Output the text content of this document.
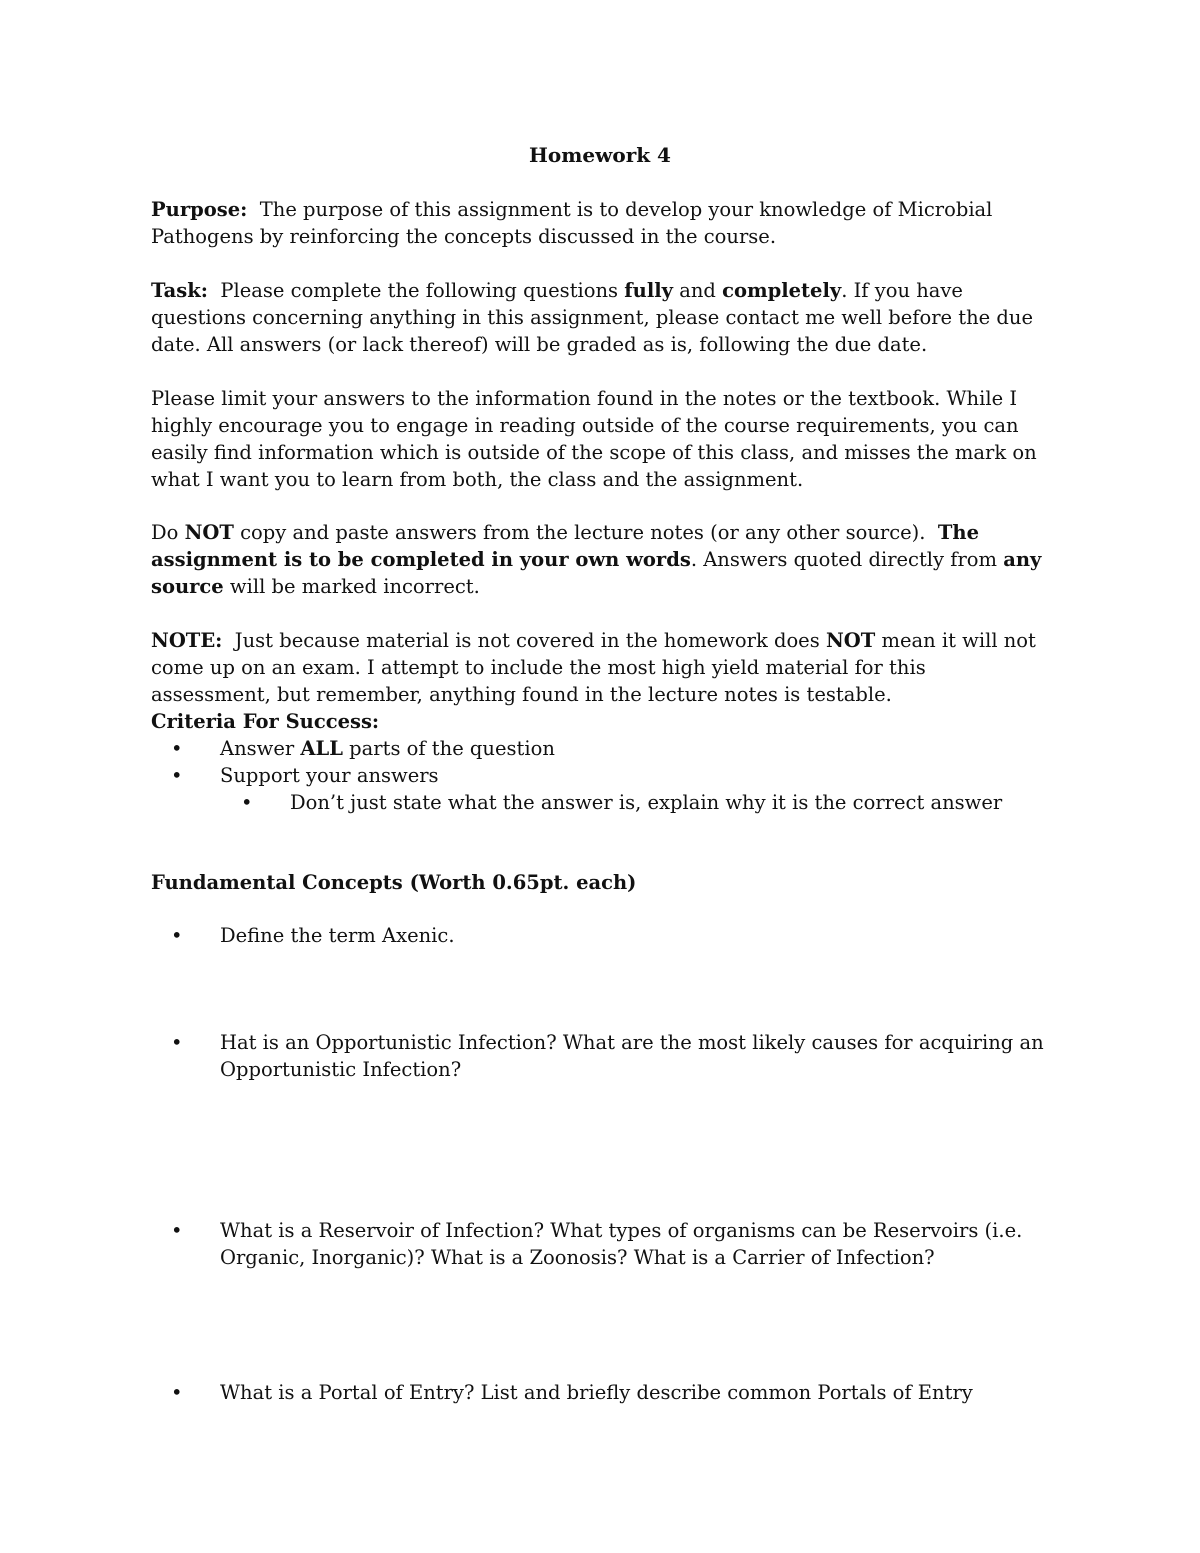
Homework 4

Purpose: The purpose of this assignment is to develop your knowledge of Microbial Pathogens by reinforcing the concepts discussed in the course.

Task: Please complete the following questions fully and completely. If you have questions concerning anything in this assignment, please contact me well before the due date. All answers (or lack thereof) will be graded as is, following the due date.

Please limit your answers to the information found in the notes or the textbook. While I highly encourage you to engage in reading outside of the course requirements, you can easily find information which is outside of the scope of this class, and misses the mark on what I want you to learn from both, the class and the assignment.

Do NOT copy and paste answers from the lecture notes (or any other source). The assignment is to be completed in your own words. Answers quoted directly from any source will be marked incorrect.

NOTE: Just because material is not covered in the homework does NOT mean it will not come up on an exam. I attempt to include the most high yield material for this assessment, but remember, anything found in the lecture notes is testable.

Criteria For Success:

• Answer ALL parts of the question
• Support your answers
• Don’t just state what the answer is, explain why it is the correct answer

Fundamental Concepts (Worth 0.65pt. each)

•	Define the term Axenic.
•	Hat is an Opportunistic Infection? What are the most likely causes for acquiring an Opportunistic Infection?
•	What is a Reservoir of Infection? What types of organisms can be Reservoirs (i.e. Organic, Inorganic)? What is a Zoonosis? What is a Carrier of Infection?
•	What is a Portal of Entry? List and briefly describe common Portals of Entry
